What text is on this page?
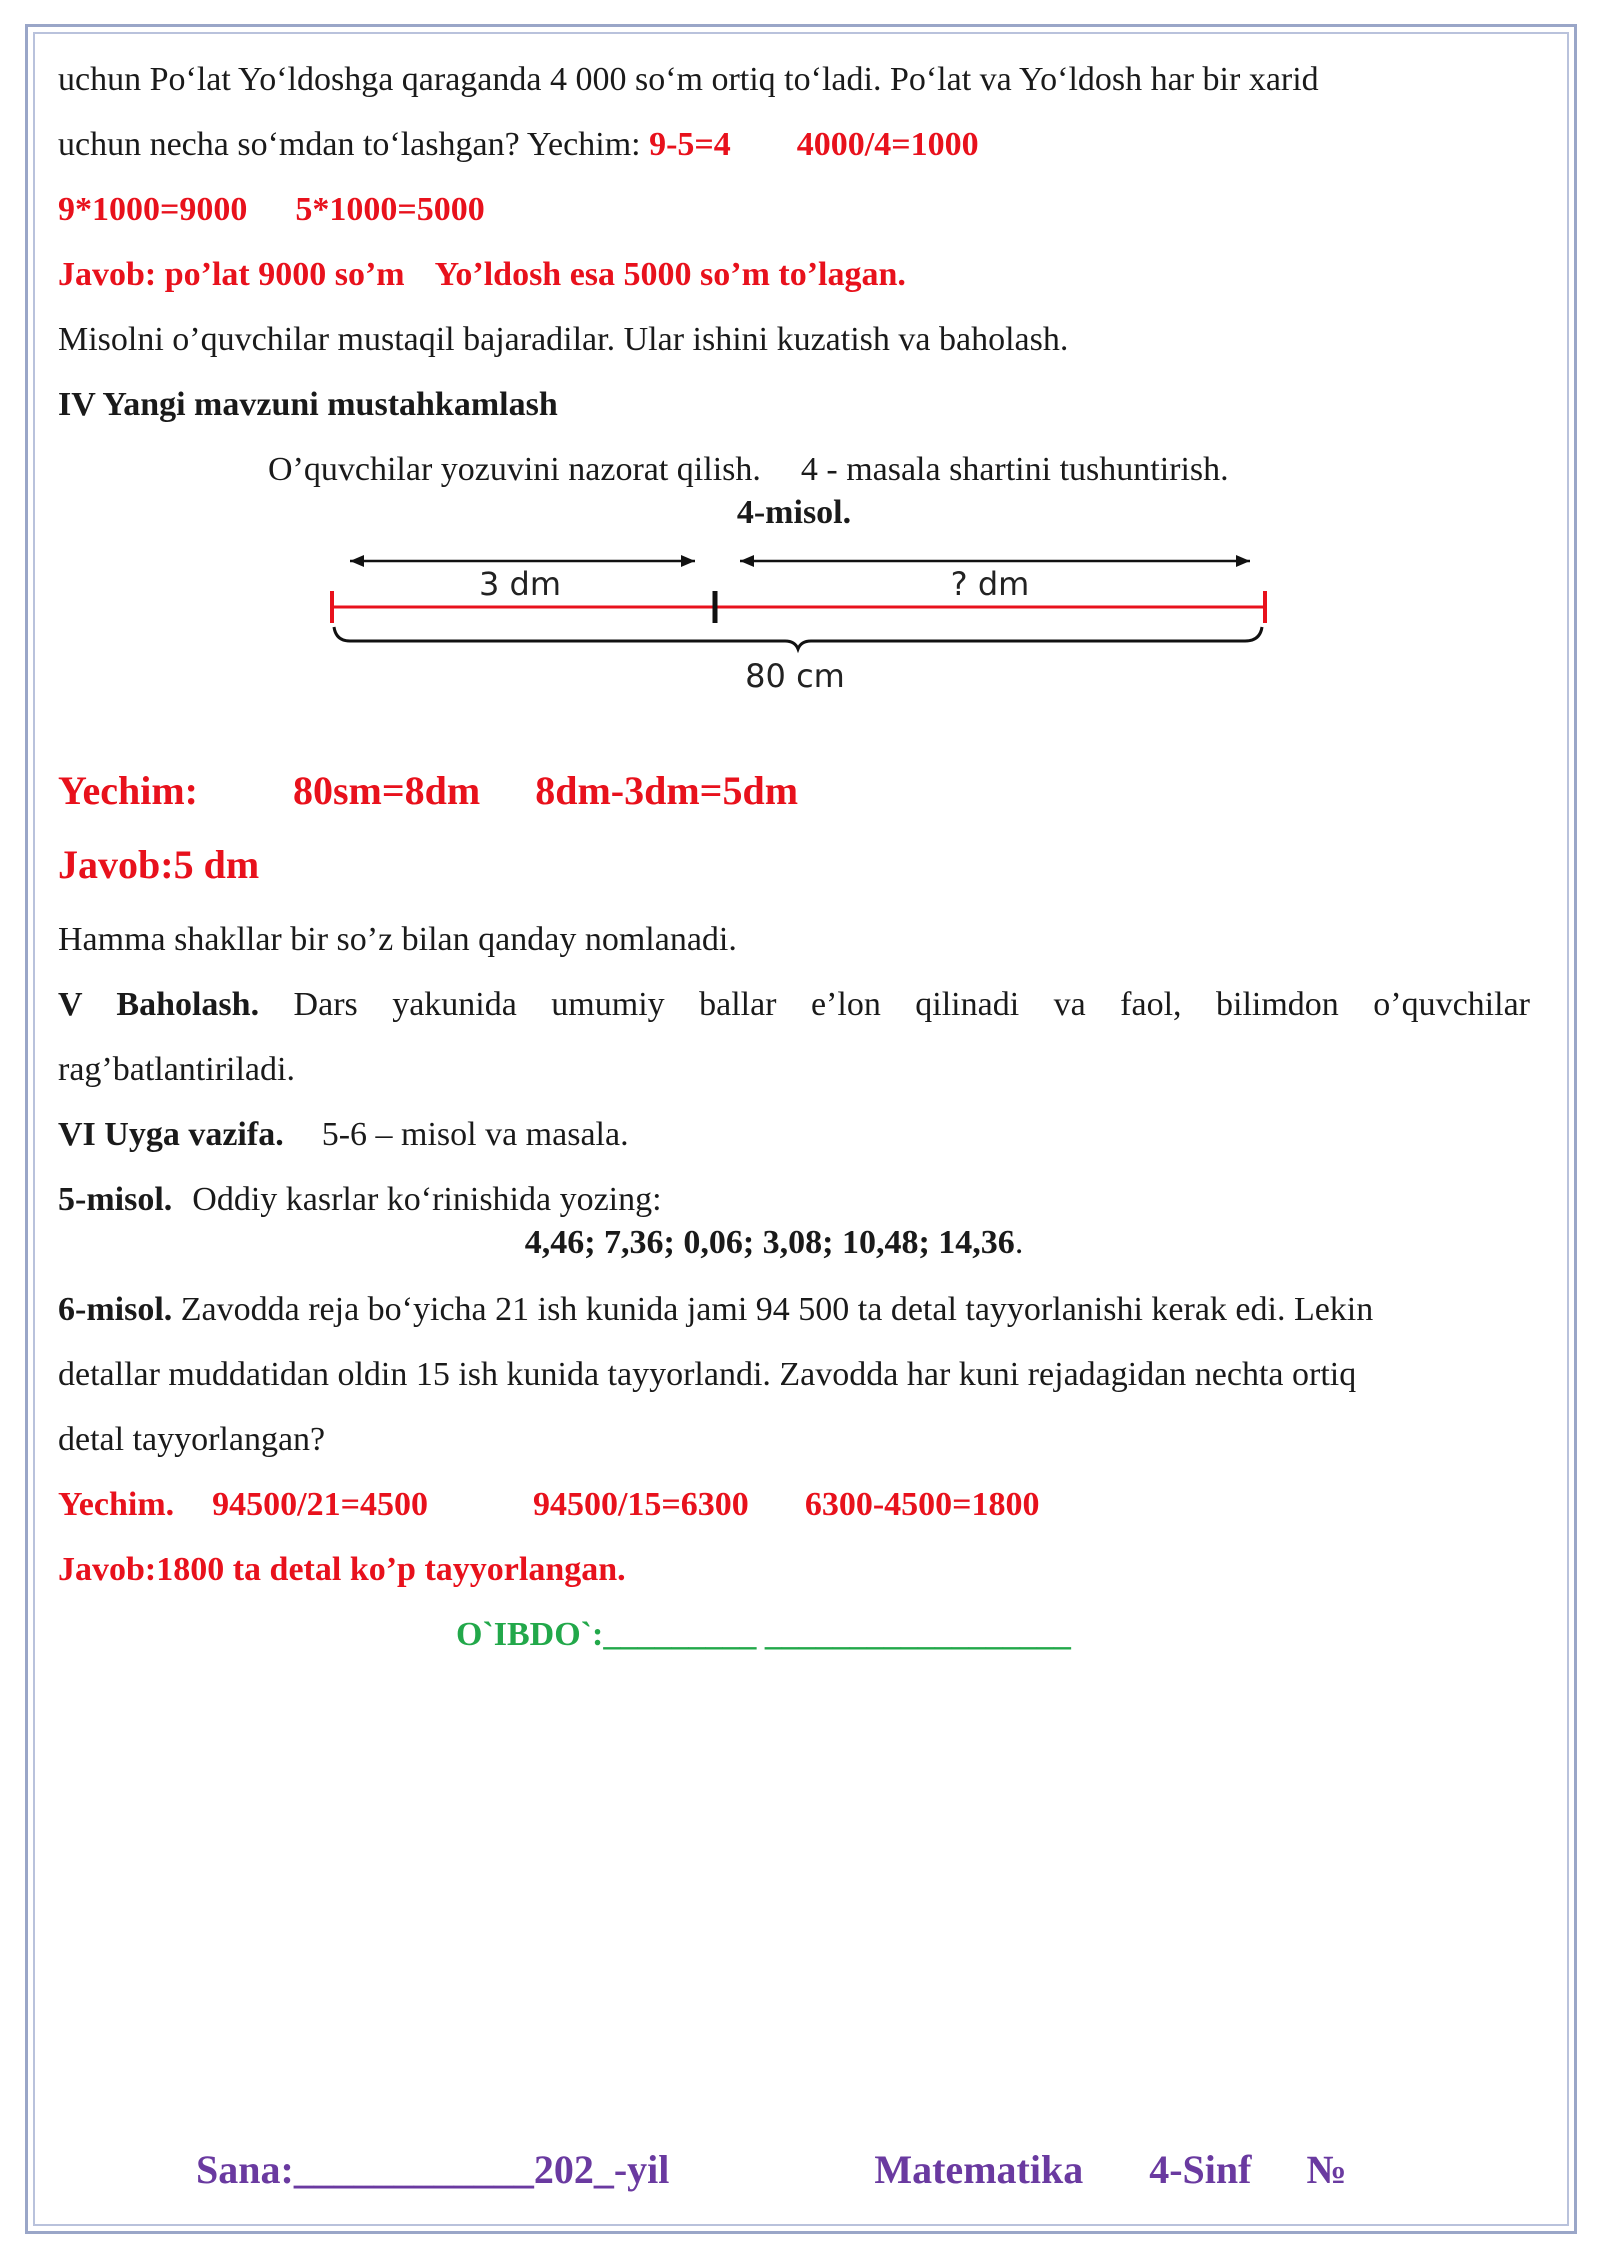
uchun Po‘lat Yo‘ldoshga qaraganda 4 000 so‘m ortiq to‘ladi. Po‘lat va Yo‘ldosh har bir xarid
uchun necha so‘mdan to‘lashgan? Yechim: 9-5=4 4000/4=1000
9*1000=9000 5*1000=5000
Javob: po’lat 9000 so’m Yo’ldosh esa 5000 so’m to’lagan.
Misolni o’quvchilar mustaqil bajaradilar. Ular ishini kuzatish va baholash.
IV Yangi mavzuni mustahkamlash
O’quvchilar yozuvini nazorat qilish. 4 - masala shartini tushuntirish.
4-misol.
3 dm	? dm
80 cm
Yechim: 80sm=8dm 8dm-3dm=5dm
Javob:5 dm
Hamma shakllar bir so’z bilan qanday nomlanadi.
V Baholash. Dars yakunida umumiy ballar e’lon qilinadi va faol, bilimdon o’quvchilar
rag’batlantiriladi.
VI Uyga vazifa. 5-6 – misol va masala.
5-misol. Oddiy kasrlar ko‘rinishida yozing:
4,46; 7,36; 0,06; 3,08; 10,48; 14,36.
6-misol. Zavodda reja bo‘yicha 21 ish kunida jami 94 500 ta detal tayyorlanishi kerak edi. Lekin
detallar muddatidan oldin 15 ish kunida tayyorlandi. Zavodda har kuni rejadagidan nechta ortiq
detal tayyorlangan?
Yechim. 94500/21=4500	94500/15=6300 6300-4500=1800
Javob:1800 ta detal ko’p tayyorlangan.
O`IBDO`:_________ __________________
Sana:____________202_-yil	Matematika 4-Sinf №
